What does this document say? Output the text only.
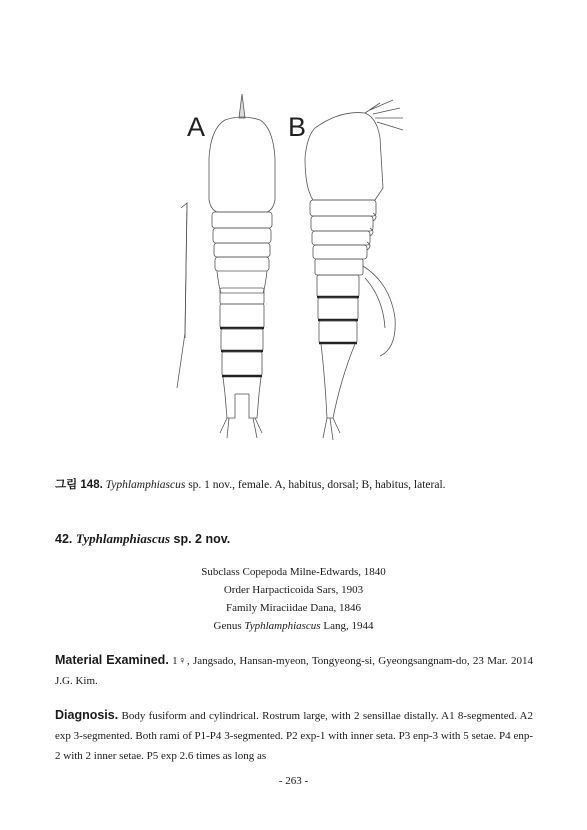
A	B
그림 148. Typhlamphiascus sp. 1 nov., female. A, habitus, dorsal; B, habitus, lateral.
42. Typhlamphiascus sp. 2 nov.
Subclass Copepoda Milne-Edwards, 1840
Order Harpacticoida Sars, 1903
Family Miraciidae Dana, 1846
Genus Typhlamphiascus Lang, 1944
Material Examined. 1♀, Jangsado, Hansan-myeon, Tongyeong-si, Gyeongsangnam-do, 23 Mar. 2014 J.G. Kim.
Diagnosis. Body fusiform and cylindrical. Rostrum large, with 2 sensillae distally. A1 8-segmented. A2 exp 3-segmented. Both rami of P1-P4 3-segmented. P2 exp-1 with inner seta. P3 enp-3 with 5 setae. P4 enp-2 with 2 inner setae. P5 exp 2.6 times as long as
- 263 -
